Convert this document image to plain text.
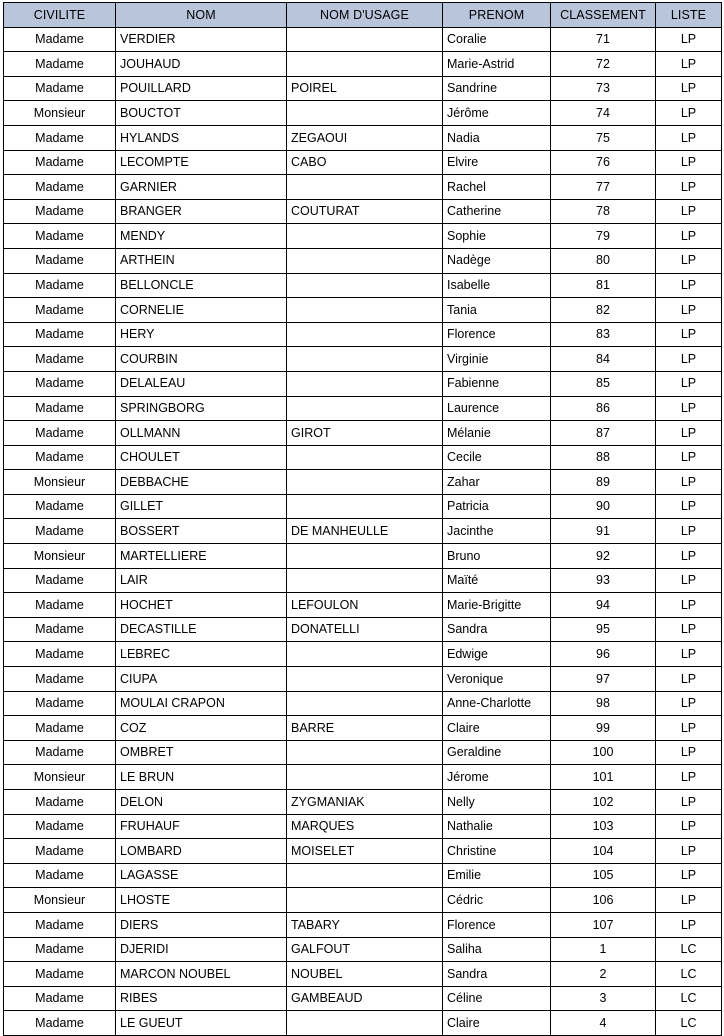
CIVILITE	NOM	NOM D'USAGE	PRENOM	CLASSEMENT	LISTE
Madame	VERDIER		Coralie	71	LP
Madame	JOUHAUD		Marie-Astrid	72	LP
Madame	POUILLARD	POIREL	Sandrine	73	LP
Monsieur	BOUCTOT		Jérôme	74	LP
Madame	HYLANDS	ZEGAOUI	Nadia	75	LP
Madame	LECOMPTE	CABO	Elvire	76	LP
Madame	GARNIER		Rachel	77	LP
Madame	BRANGER	COUTURAT	Catherine	78	LP
Madame	MENDY		Sophie	79	LP
Madame	ARTHEIN		Nadège	80	LP
Madame	BELLONCLE		Isabelle	81	LP
Madame	CORNELIE		Tania	82	LP
Madame	HERY		Florence	83	LP
Madame	COURBIN		Virginie	84	LP
Madame	DELALEAU		Fabienne	85	LP
Madame	SPRINGBORG		Laurence	86	LP
Madame	OLLMANN	GIROT	Mélanie	87	LP
Madame	CHOULET		Cecile	88	LP
Monsieur	DEBBACHE		Zahar	89	LP
Madame	GILLET		Patricia	90	LP
Madame	BOSSERT	DE MANHEULLE	Jacinthe	91	LP
Monsieur	MARTELLIERE		Bruno	92	LP
Madame	LAIR		Maïté	93	LP
Madame	HOCHET	LEFOULON	Marie-Brigitte	94	LP
Madame	DECASTILLE	DONATELLI	Sandra	95	LP
Madame	LEBREC		Edwige	96	LP
Madame	CIUPA		Veronique	97	LP
Madame	MOULAI CRAPON		Anne-Charlotte	98	LP
Madame	COZ	BARRE	Claire	99	LP
Madame	OMBRET		Geraldine	100	LP
Monsieur	LE BRUN		Jérome	101	LP
Madame	DELON	ZYGMANIAK	Nelly	102	LP
Madame	FRUHAUF	MARQUES	Nathalie	103	LP
Madame	LOMBARD	MOISELET	Christine	104	LP
Madame	LAGASSE		Emilie	105	LP
Monsieur	LHOSTE		Cédric	106	LP
Madame	DIERS	TABARY	Florence	107	LP
Madame	DJERIDI	GALFOUT	Saliha	1	LC
Madame	MARCON NOUBEL	NOUBEL	Sandra	2	LC
Madame	RIBES	GAMBEAUD	Céline	3	LC
Madame	LE GUEUT		Claire	4	LC
